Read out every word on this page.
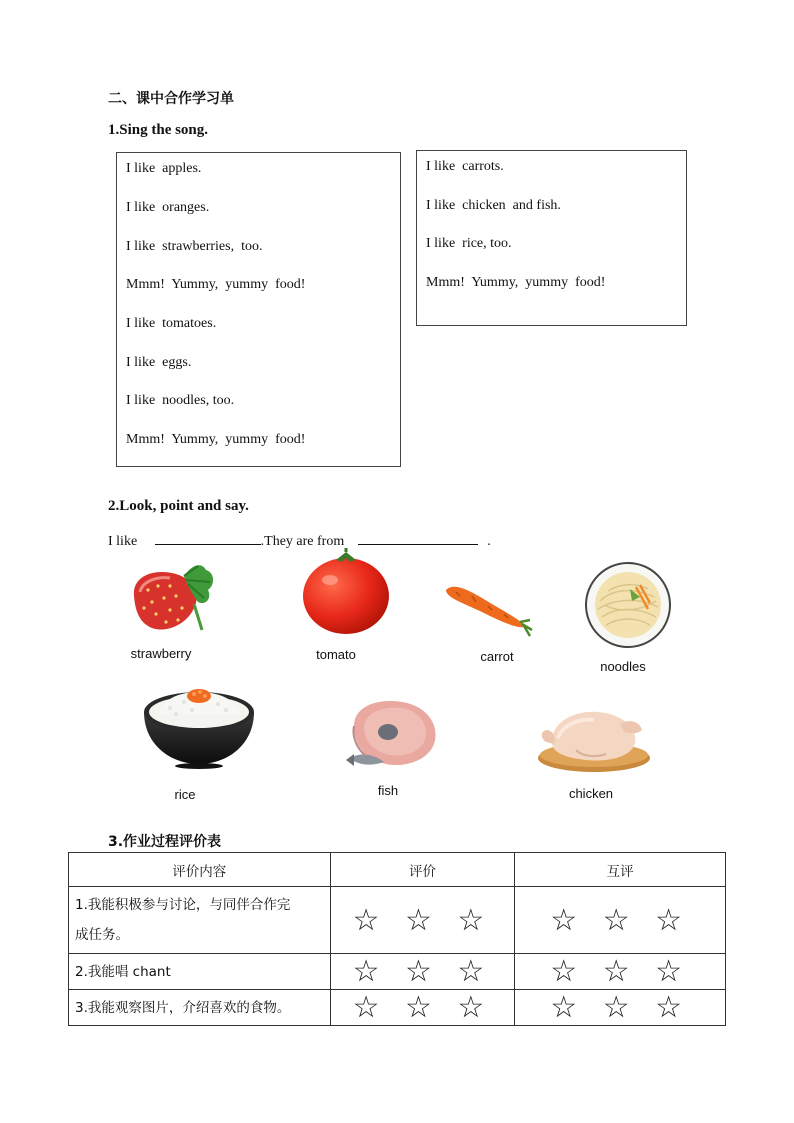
二、课中合作学习单
1.Sing the song.
I like  apples.
I like  oranges.
I like  strawberries,  too.
Mmm!  Yummy,  yummy  food!
I like  tomatoes.
I like  eggs.
I like  noodles, too.
Mmm!  Yummy,  yummy  food!
I like  carrots.
I like  chicken  and fish.
I like  rice, too.
Mmm!  Yummy,  yummy  food!
2.Look, point and say.
I like	.They are from	.
strawberry	tomato	carrot
noodles
rice	fish	chicken
3.作业过程评价表
评价内容	评价	互评

1.我能积极参与讨论，与同伴合作完
成任务。	☆ ☆ ☆	☆ ☆ ☆
2.我能唱 chant	☆ ☆ ☆	☆ ☆ ☆
3.我能观察图片，介绍喜欢的食物。	☆ ☆ ☆	☆ ☆ ☆
